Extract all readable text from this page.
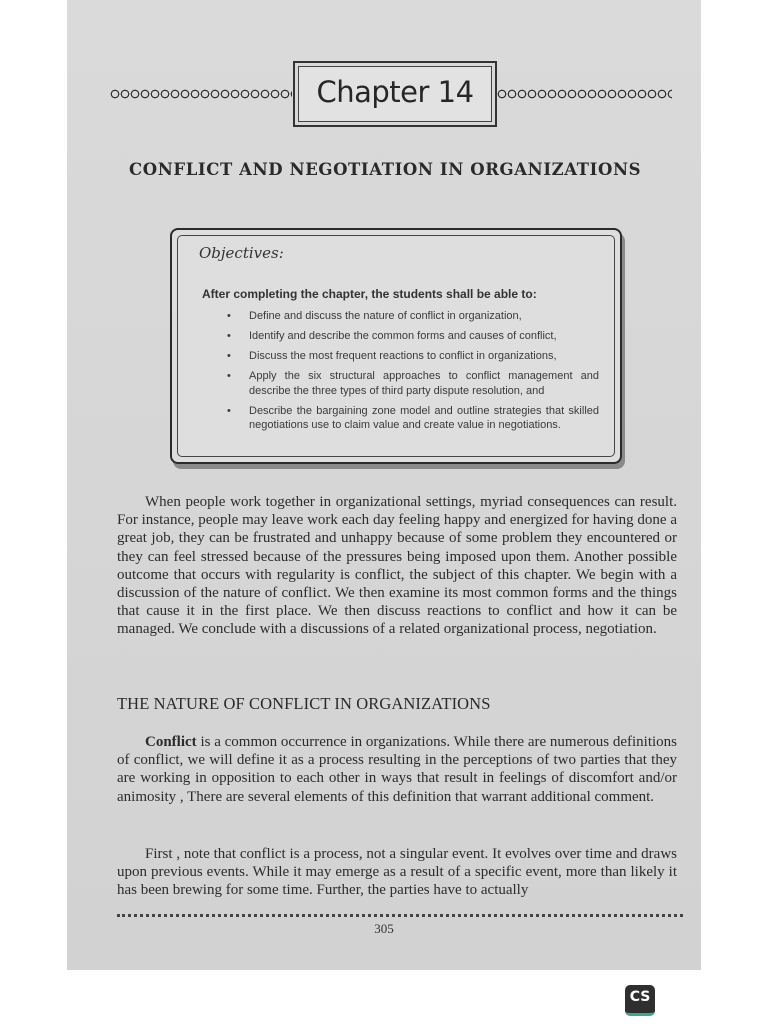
Chapter 14
CONFLICT AND NEGOTIATION IN ORGANIZATIONS
Objectives:
After completing the chapter, the students shall be able to:
• Define and discuss the nature of conflict in organization,
• Identify and describe the common forms and causes of conflict,
• Discuss the most frequent reactions to conflict in organizations,
• Apply the six structural approaches to conflict management and describe the three types of third party dispute resolution, and
• Describe the bargaining zone model and outline strategies that skilled negotiations use to claim value and create value in negotiations.

When people work together in organizational settings, myriad consequences can result. For instance, people may leave work each day feeling happy and energized for having done a great job, they can be frustrated and unhappy because of some problem they encountered or they can feel stressed because of the pressures being imposed upon them. Another possible outcome that occurs with regularity is conflict, the subject of this chapter. We begin with a discussion of the nature of conflict. We then examine its most common forms and the things that cause it in the first place. We then discuss reactions to conflict and how it can be managed. We conclude with a discussions of a related organizational process, negotiation.

THE NATURE OF CONFLICT IN ORGANIZATIONS

Conflict is a common occurrence in organizations. While there are numerous definitions of conflict, we will define it as a process resulting in the perceptions of two parties that they are working in opposition to each other in ways that result in feelings of discomfort and/or animosity , There are several elements of this definition that warrant additional comment.

First , note that conflict is a process, not a singular event. It evolves over time and draws upon previous events. While it may emerge as a result of a specific event, more than likely it has been brewing for some time. Further, the parties have to actually

305
CS
